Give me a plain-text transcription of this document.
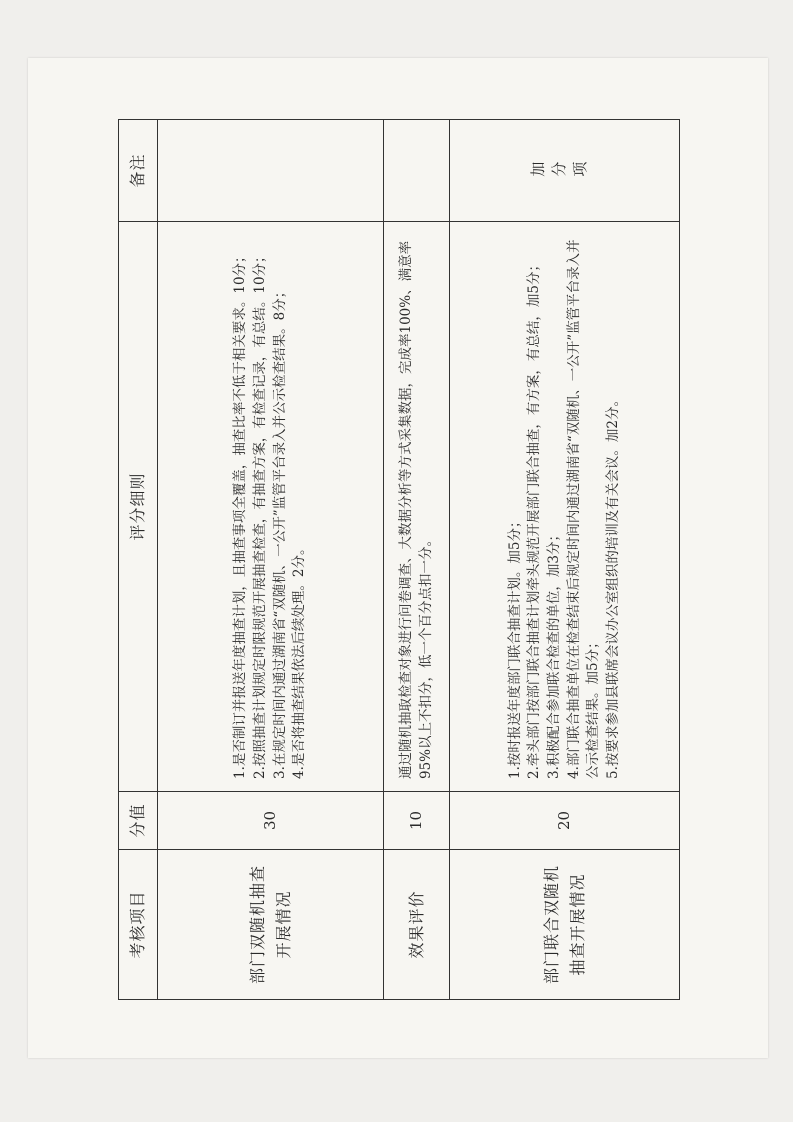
考核项目	分值	评分细则	备注
部门双随机抽查开展情况	30	1.是否制订并报送年度抽查计划，且抽查事项全覆盖，抽查比率不低于相关要求。10分； 2.按照抽查计划规定时限规范开展抽查检查，有抽查方案，有检查记录，有总结。10分； 3.在规定时间内通过湖南省“双随机、一公开”监管平台录入并公示检查结果。8分； 4.是否将抽查结果依法后续处理。2分。	

效果评价	10	通过随机抽取检查对象进行问卷调查、大数据分析等方式采集数据，完成率100%、满意率95%以上不扣分，低一个百分点扣一分。	

部门联合双随机抽查开展情况	20	1.按时报送年度部门联合抽查计划。加5分； 2.牵头部门按部门联合抽查计划牵头规范开展部门联合抽查，有方案，有总结，加5分； 3.积极配合参加联合检查的单位，加3分； 4.部门联合抽查单位在检查结束后规定时间内通过湖南省“双随机、一公开”监管平台录入并公示检查结果。加5分； 5.按要求参加县联席会议办公室组织的培训及有关会议。加2分。	加分项
